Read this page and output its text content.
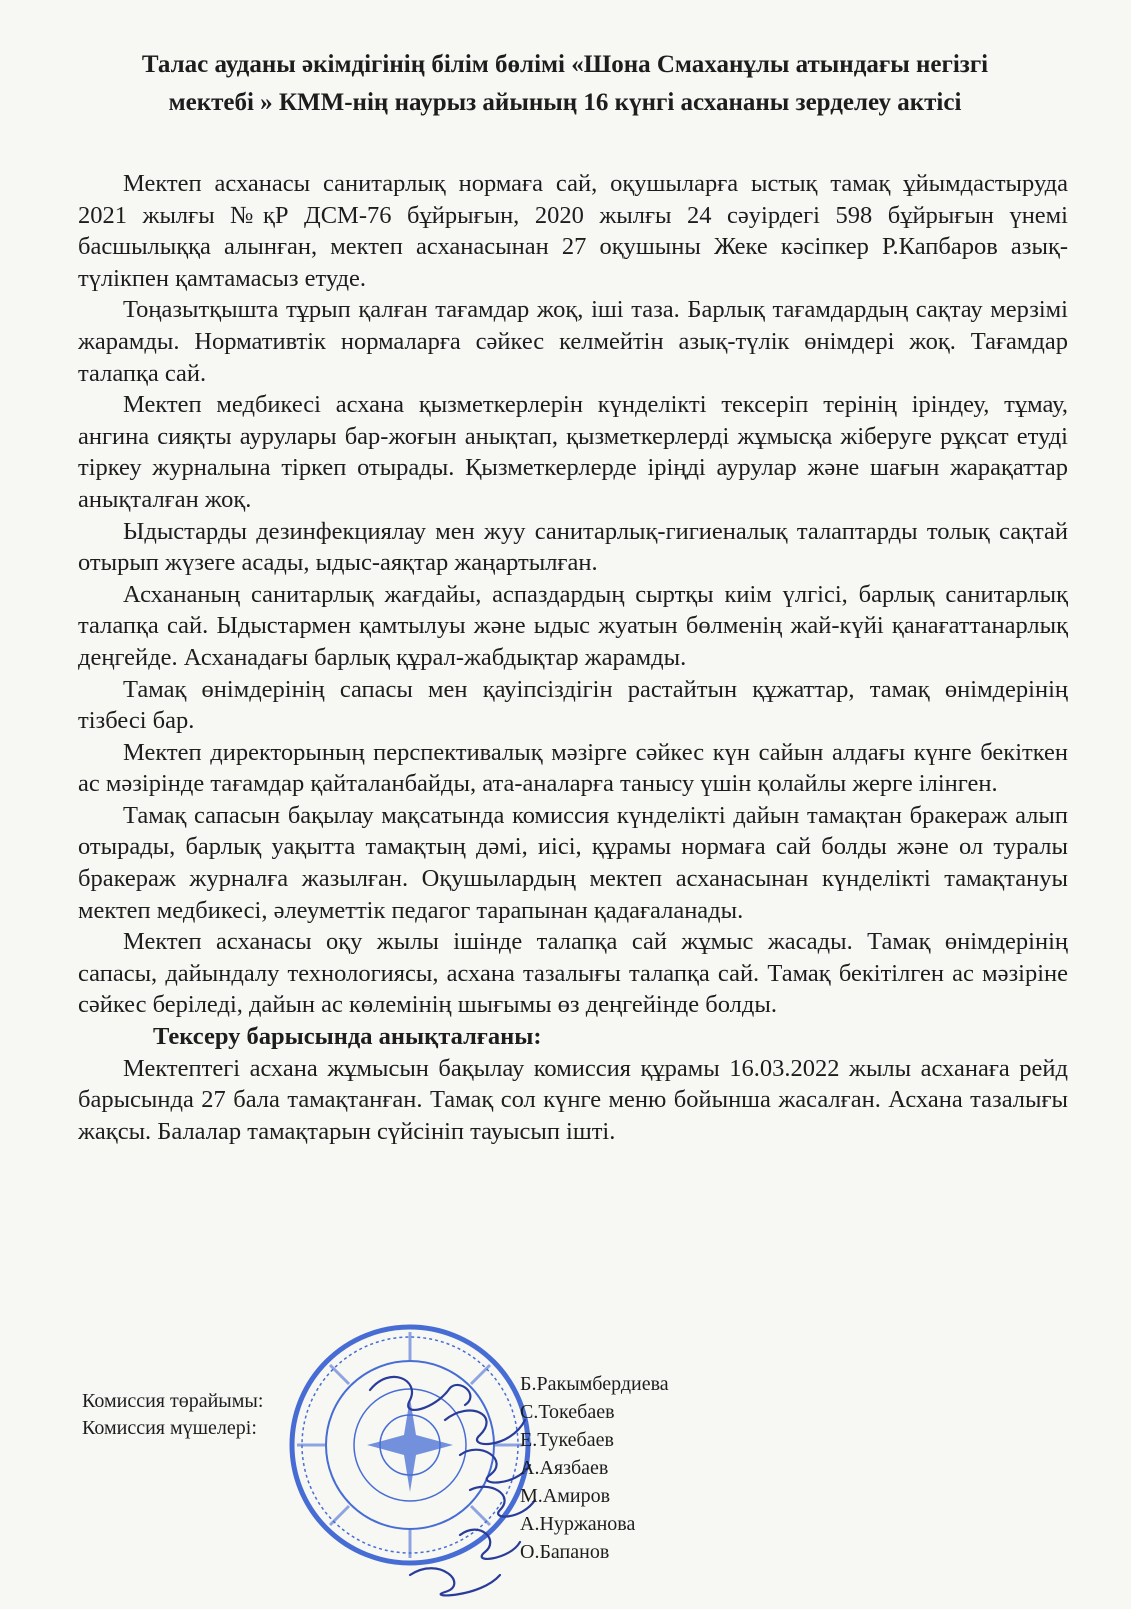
Талас ауданы әкімдігінің білім бөлімі «Шона Смаханұлы атындағы негізгі
мектебі » КММ-нің наурыз айының 16 күнгі асхананы зерделеу актісі

Мектеп асханасы санитарлық нормаға сай, оқушыларға ыстық тамақ ұйымдастыруда 2021 жылғы №қР ДСМ-76 бұйрығын, 2020 жылғы 24 сәуірдегі 598 бұйрығын үнемі басшылыққа алынған, мектеп асханасынан 27 оқушыны Жеке кәсіпкер Р.Капбаров азық-түлікпен қамтамасыз етуде.

Тоңазытқышта тұрып қалған тағамдар жоқ, іші таза. Барлық тағамдардың сақтау мерзімі жарамды. Нормативтік нормаларға сәйкес келмейтін азық-түлік өнімдері жоқ. Тағамдар талапқа сай.

Мектеп медбикесі асхана қызметкерлерін күнделікті тексеріп терінің іріндеу, тұмау, ангина сияқты аурулары бар-жоғын анықтап, қызметкерлерді жұмысқа жіберуге рұқсат етуді тіркеу журналына тіркеп отырады. Қызметкерлерде іріңді аурулар және шағын жарақаттар анықталған жоқ.

Ыдыстарды дезинфекциялау мен жуу санитарлық-гигиеналық талаптарды толық сақтай отырып жүзеге асады, ыдыс-аяқтар жаңартылған.

Асхананың санитарлық жағдайы, аспаздардың сыртқы киім үлгісі, барлық санитарлық талапқа сай. Ыдыстармен қамтылуы және ыдыс жуатын бөлменің жай-күйі қанағаттанарлық деңгейде. Асханадағы барлық құрал-жабдықтар жарамды.

Тамақ өнімдерінің сапасы мен қауіпсіздігін растайтын құжаттар, тамақ өнімдерінің тізбесі бар.

Мектеп директорының перспективалық мәзірге сәйкес күн сайын алдағы күнге бекіткен ас мәзірінде тағамдар қайталанбайды, ата-аналарға танысу үшін қолайлы жерге ілінген.

Тамақ сапасын бақылау мақсатында комиссия күнделікті дайын тамақтан бракераж алып отырады, барлық уақытта тамақтың дәмі, иісі, құрамы нормаға сай болды және ол туралы бракераж журналға жазылған. Оқушылардың мектеп асханасынан күнделікті тамақтануы мектеп медбикесі, әлеуметтік педагог тарапынан қадағаланады.

Мектеп асханасы оқу жылы ішінде талапқа сай жұмыс жасады. Тамақ өнімдерінің сапасы, дайындалу технологиясы, асхана тазалығы талапқа сай. Тамақ бекітілген ас мәзіріне сәйкес беріледі, дайын ас көлемінің шығымы өз деңгейінде болды.

Тексеру барысында анықталғаны:

Мектептегі асхана жұмысын бақылау комиссия құрамы 16.03.2022 жылы асханаға рейд барысында 27 бала тамақтанған. Тамақ сол күнге меню бойынша жасалған. Асхана тазалығы жақсы. Балалар тамақтарын сүйсініп тауысып ішті.

Комиссия төрайымы:
Комиссия мүшелері:
Б.Ракымбердиева
С.Токебаев
Е.Тукебаев
А.Аязбаев
М.Амиров
А.Нуржанова
О.Бапанов
